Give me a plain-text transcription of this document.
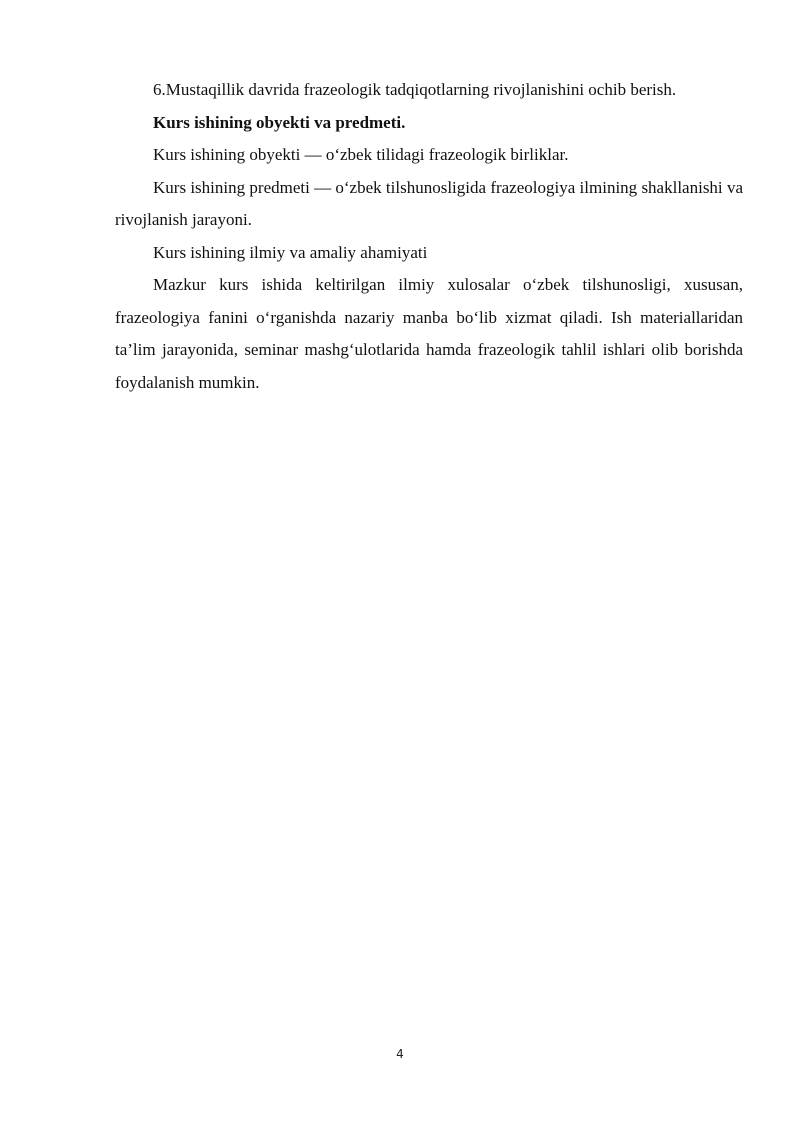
6.Mustaqillik davrida frazeologik tadqiqotlarning rivojlanishini ochib berish.

Kurs ishining obyekti va predmeti.

Kurs ishining obyekti — o‘zbek tilidagi frazeologik birliklar.

Kurs ishining predmeti — o‘zbek tilshunosligida frazeologiya ilmining shakllanishi va rivojlanish jarayoni.

Kurs ishining ilmiy va amaliy ahamiyati

Mazkur kurs ishida keltirilgan ilmiy xulosalar o‘zbek tilshunosligi, xususan, frazeologiya fanini o‘rganishda nazariy manba bo‘lib xizmat qiladi. Ish materiallaridan ta’lim jarayonida, seminar mashg‘ulotlarida hamda frazeologik tahlil ishlari olib borishda foydalanish mumkin.

4
